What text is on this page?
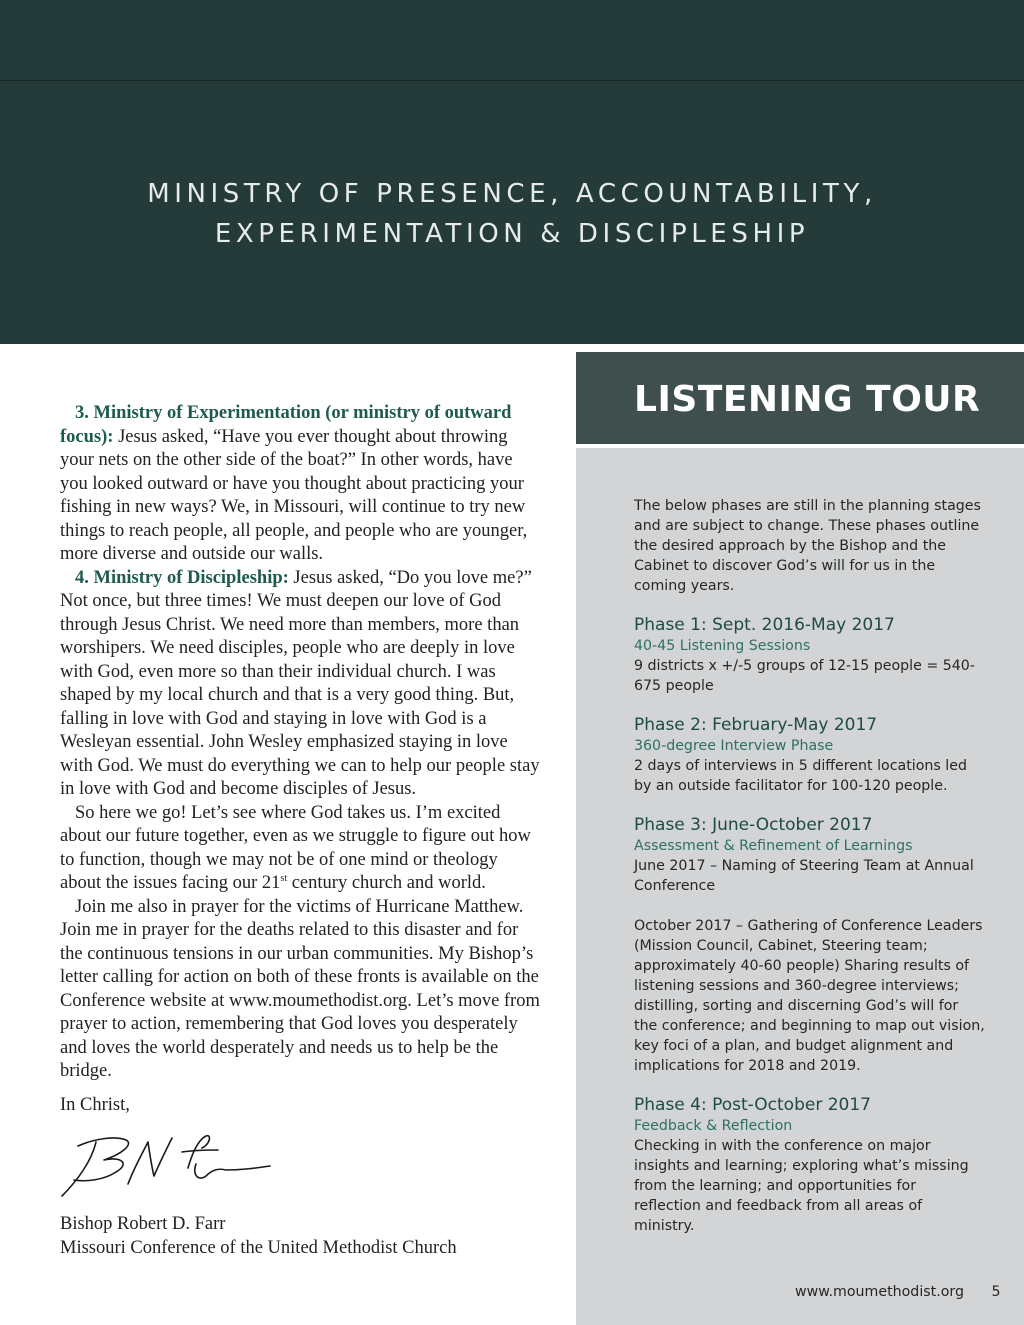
MINISTRY OF PRESENCE, ACCOUNTABILITY,
EXPERIMENTATION & DISCIPLESHIP

3. Ministry of Experimentation (or ministry of outward focus): Jesus asked, “Have you ever thought about throwing your nets on the other side of the boat?” In other words, have you looked outward or have you thought about practicing your fishing in new ways? We, in Missouri, will continue to try new things to reach people, all people, and people who are younger, more diverse and outside our walls.

4. Ministry of Discipleship: Jesus asked, “Do you love me?” Not once, but three times! We must deepen our love of God through Jesus Christ. We need more than members, more than worshipers. We need disciples, people who are deeply in love with God, even more so than their individual church. I was shaped by my local church and that is a very good thing. But, falling in love with God and staying in love with God is a Wesleyan essential. John Wesley emphasized staying in love with God. We must do everything we can to help our people stay in love with God and become disciples of Jesus.

So here we go! Let’s see where God takes us. I’m excited about our future together, even as we struggle to figure out how to function, though we may not be of one mind or theology about the issues facing our 21st century church and world.

Join me also in prayer for the victims of Hurricane Matthew. Join me in prayer for the deaths related to this disaster and for the continuous tensions in our urban communities. My Bishop’s letter calling for action on both of these fronts is available on the Conference website at www.moumethodist.org. Let’s move from prayer to action, remembering that God loves you desperately and loves the world desperately and needs us to help be the bridge.

In Christ,
Bishop Robert D. Farr
Missouri Conference of the United Methodist Church
LISTENING TOUR

The below phases are still in the planning stages and are subject to change. These phases outline the desired approach by the Bishop and the Cabinet to discover God’s will for us in the coming years.

Phase 1: Sept. 2016-May 2017
40-45 Listening Sessions

9 districts x +/-5 groups of 12-15 people = 540-675 people

Phase 2: February-May 2017
360-degree Interview Phase

2 days of interviews in 5 different locations led by an outside facilitator for 100-120 people.

Phase 3: June-October 2017
Assessment & Refinement of Learnings

June 2017 – Naming of Steering Team at Annual Conference

October 2017 – Gathering of Conference Leaders (Mission Council, Cabinet, Steering team; approximately 40-60 people) Sharing results of listening sessions and 360-degree interviews; distilling, sorting and discerning God’s will for the conference; and beginning to map out vision, key foci of a plan, and budget alignment and implications for 2018 and 2019.

Phase 4: Post-October 2017
Feedback & Reflection

Checking in with the conference on major insights and learning; exploring what’s missing from the learning; and opportunities for reflection and feedback from all areas of ministry.

www.moumethodist.org	5
